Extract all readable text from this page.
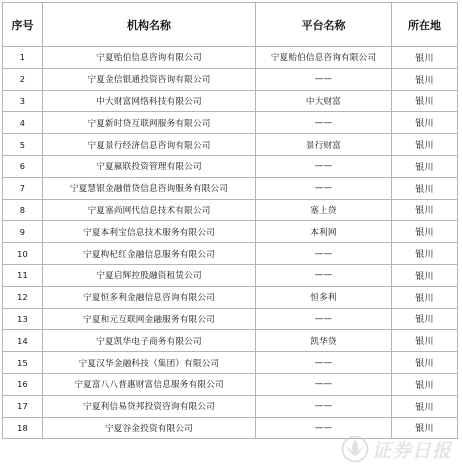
序号	机构名称	平台名称	所在地
1	宁夏贻伯信息咨询有限公司	宁夏贻伯信息咨询有限公司	银川
2	宁夏金信银通投资咨询有限公司	——	银川
3	中大财富网络科技有限公司	中大财富	银川
4	宁夏新时贷互联网服务有限公司	——	银川
5	宁夏景行经济信息咨询有限公司	景行财富	银川
6	宁夏嬴联投资管理有限公司	——	银川
7	宁夏慧银金融借贷信息咨询服务有限公司	——	银川
8	宁夏塞尚网代信息技术有限公司	塞上贷	银川
9	宁夏本利宝信息技术服务有限公司	本利网	银川
10	宁夏枸杞红金融信息服务有限公司	——	银川
11	宁夏启辉控股融资租赁公司	——	银川
12	宁夏恒多利金融信息咨询有限公司	恒多利	银川
13	宁夏和元互联网金融服务有限公司	——	银川
14	宁夏凯华电子商务有限公司	凯华贷	银川
15	宁夏汉华金融科技（集团）有限公司	——	银川
16	宁夏富八八普惠财富信息服务有限公司	——	银川
17	宁夏利信易贷邦投资咨询有限公司	——	银川
18	宁夏谷金投资有限公司	——	银川
证券日报
